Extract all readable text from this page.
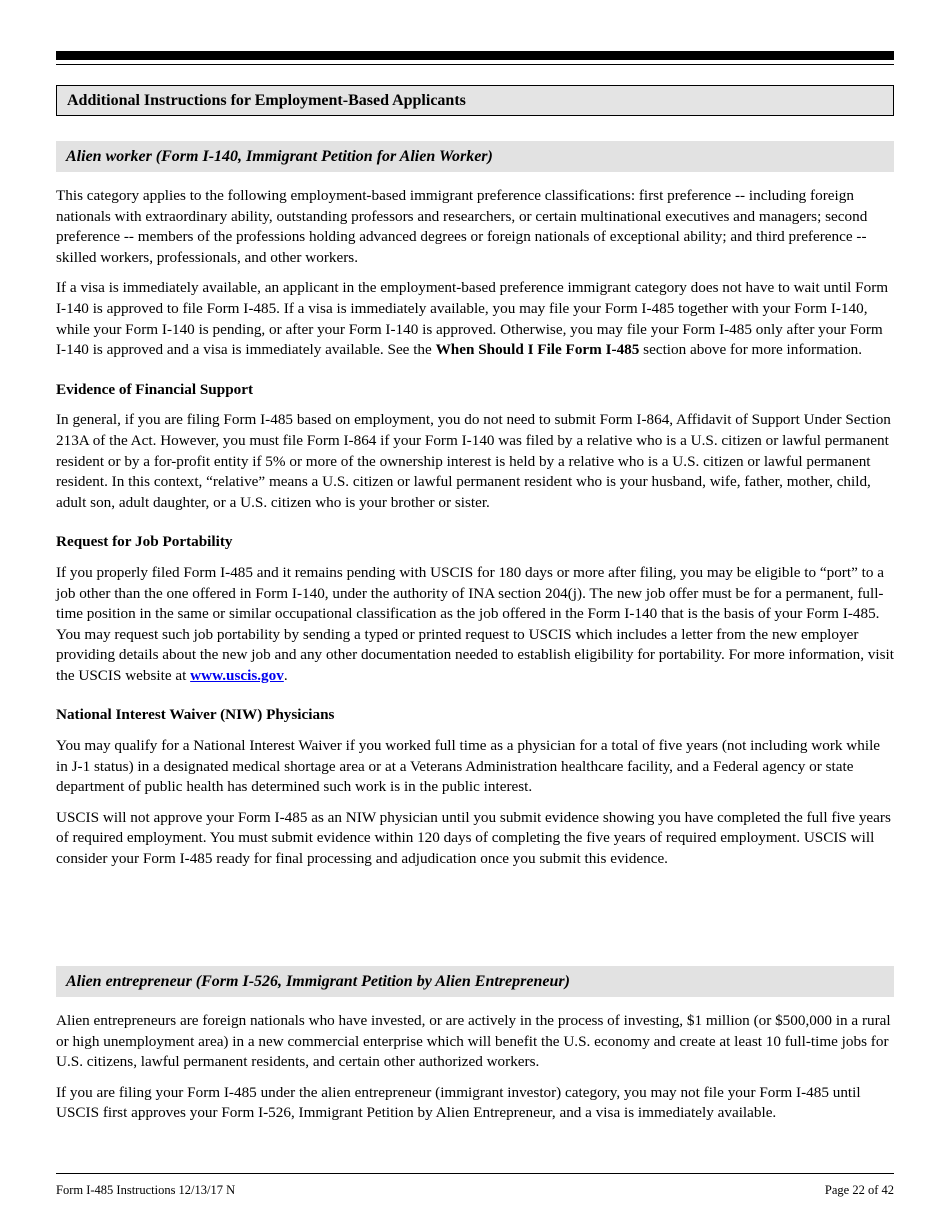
Additional Instructions for Employment-Based Applicants
Alien worker (Form I-140, Immigrant Petition for Alien Worker)

This category applies to the following employment-based immigrant preference classifications: first preference -- including foreign nationals with extraordinary ability, outstanding professors and researchers, or certain multinational executives and managers; second preference -- members of the professions holding advanced degrees or foreign nationals of exceptional ability; and third preference -- skilled workers, professionals, and other workers.

If a visa is immediately available, an applicant in the employment-based preference immigrant category does not have to wait until Form I-140 is approved to file Form I-485. If a visa is immediately available, you may file your Form I-485 together with your Form I-140, while your Form I-140 is pending, or after your Form I-140 is approved. Otherwise, you may file your Form I-485 only after your Form I-140 is approved and a visa is immediately available. See the When Should I File Form I-485 section above for more information.

Evidence of Financial Support

In general, if you are filing Form I-485 based on employment, you do not need to submit Form I-864, Affidavit of Support Under Section 213A of the Act. However, you must file Form I-864 if your Form I-140 was filed by a relative who is a U.S. citizen or lawful permanent resident or by a for-profit entity if 5% or more of the ownership interest is held by a relative who is a U.S. citizen or lawful permanent resident. In this context, “relative” means a U.S. citizen or lawful permanent resident who is your husband, wife, father, mother, child, adult son, adult daughter, or a U.S. citizen who is your brother or sister.

Request for Job Portability

If you properly filed Form I-485 and it remains pending with USCIS for 180 days or more after filing, you may be eligible to “port” to a job other than the one offered in Form I-140, under the authority of INA section 204(j). The new job offer must be for a permanent, full-time position in the same or similar occupational classification as the job offered in the Form I-140 that is the basis of your Form I-485. You may request such job portability by sending a typed or printed request to USCIS which includes a letter from the new employer providing details about the new job and any other documentation needed to establish eligibility for portability. For more information, visit the USCIS website at www.uscis.gov.

National Interest Waiver (NIW) Physicians

You may qualify for a National Interest Waiver if you worked full time as a physician for a total of five years (not including work while in J-1 status) in a designated medical shortage area or at a Veterans Administration healthcare facility, and a Federal agency or state department of public health has determined such work is in the public interest.

USCIS will not approve your Form I-485 as an NIW physician until you submit evidence showing you have completed the full five years of required employment. You must submit evidence within 120 days of completing the five years of required employment. USCIS will consider your Form I-485 ready for final processing and adjudication once you submit this evidence.

Alien entrepreneur (Form I-526, Immigrant Petition by Alien Entrepreneur)

Alien entrepreneurs are foreign nationals who have invested, or are actively in the process of investing, $1 million (or $500,000 in a rural or high unemployment area) in a new commercial enterprise which will benefit the U.S. economy and create at least 10 full-time jobs for U.S. citizens, lawful permanent residents, and certain other authorized workers.

If you are filing your Form I-485 under the alien entrepreneur (immigrant investor) category, you may not file your Form I-485 until USCIS first approves your Form I-526, Immigrant Petition by Alien Entrepreneur, and a visa is immediately available.

Form I-485 Instructions 12/13/17 N	Page 22 of 42
